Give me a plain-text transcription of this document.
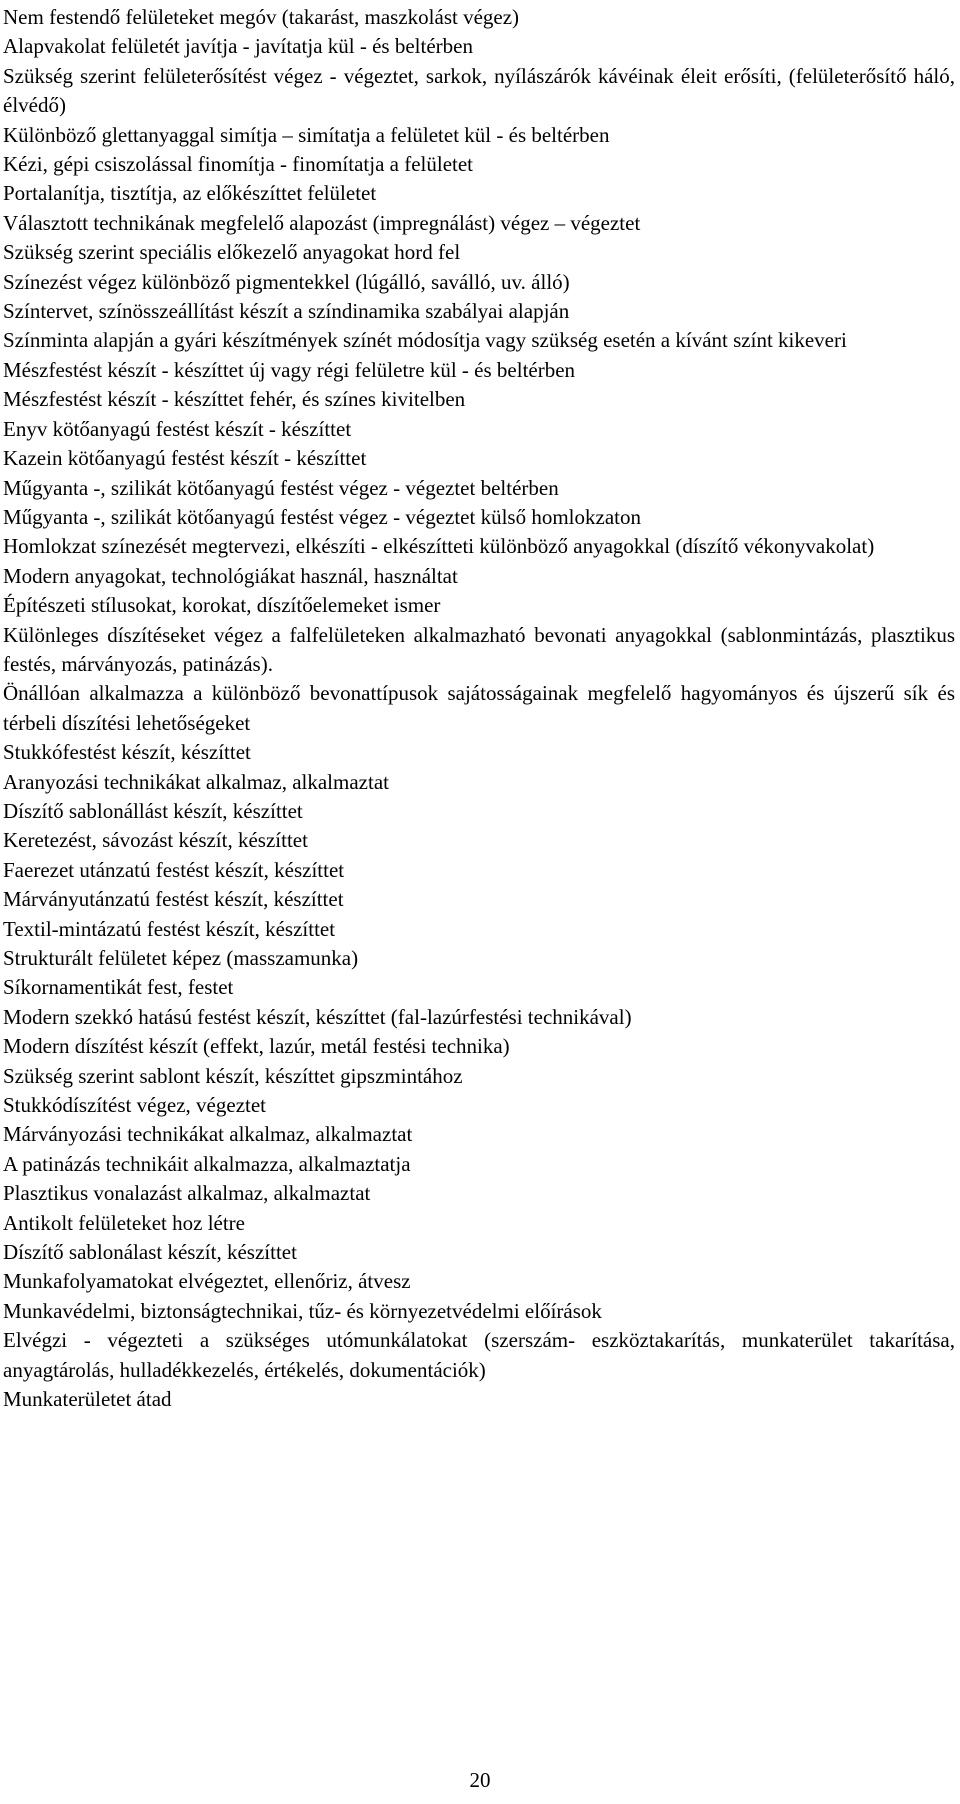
Nem festendő felületeket megóv (takarást, maszkolást végez)

Alapvakolat felületét javítja - javítatja kül - és beltérben

Szükség szerint felületerősítést végez - végeztet, sarkok, nyílászárók kávéinak éleit erősíti, (felületerősítő háló, élvédő)

Különböző glettanyaggal simítja – simítatja a felületet kül - és beltérben

Kézi, gépi csiszolással finomítja - finomítatja a felületet

Portalanítja, tisztítja, az előkészíttet felületet

Választott technikának megfelelő alapozást (impregnálást) végez – végeztet

Szükség szerint speciális előkezelő anyagokat hord fel

Színezést végez különböző pigmentekkel (lúgálló, saválló, uv. álló)

Színtervet, színösszeállítást készít a színdinamika szabályai alapján

Színminta alapján a gyári készítmények színét módosítja vagy szükség esetén a kívánt színt kikeveri

Mészfestést készít - készíttet új vagy régi felületre kül - és beltérben

Mészfestést készít - készíttet fehér, és színes kivitelben

Enyv kötőanyagú festést készít - készíttet

Kazein kötőanyagú festést készít - készíttet

Műgyanta -, szilikát kötőanyagú festést végez - végeztet beltérben

Műgyanta -, szilikát kötőanyagú festést végez - végeztet külső homlokzaton

Homlokzat színezését megtervezi, elkészíti - elkészítteti különböző anyagokkal (díszítő vékonyvakolat)

Modern anyagokat, technológiákat használ, használtat

Építészeti stílusokat, korokat, díszítőelemeket ismer

Különleges díszítéseket végez a falfelületeken alkalmazható bevonati anyagokkal (sablonmintázás, plasztikus festés, márványozás, patinázás).

Önállóan alkalmazza a különböző bevonattípusok sajátosságainak megfelelő hagyományos és újszerű sík és térbeli díszítési lehetőségeket

Stukkófestést készít, készíttet

Aranyozási technikákat alkalmaz, alkalmaztat

Díszítő sablonállást készít, készíttet

Keretezést, sávozást készít, készíttet

Faerezet utánzatú festést készít, készíttet

Márványutánzatú festést készít, készíttet

Textil-mintázatú festést készít, készíttet

Strukturált felületet képez (masszamunka)

Síkornamentikát fest, festet

Modern szekkó hatású festést készít, készíttet (fal-lazúrfestési technikával)

Modern díszítést készít (effekt, lazúr, metál festési technika)

Szükség szerint sablont készít, készíttet gipszmintához

Stukkódíszítést végez, végeztet

Márványozási technikákat alkalmaz, alkalmaztat

A patinázás technikáit alkalmazza, alkalmaztatja

Plasztikus vonalazást alkalmaz, alkalmaztat

Antikolt felületeket hoz létre

Díszítő sablonálast készít, készíttet

Munkafolyamatokat elvégeztet, ellenőriz, átvesz

Munkavédelmi, biztonságtechnikai, tűz- és környezetvédelmi előírások

Elvégzi - végezteti a szükséges utómunkálatokat (szerszám- eszköztakarítás, munkaterület takarítása, anyagtárolás, hulladékkezelés, értékelés, dokumentációk)

Munkaterületet átad

20
